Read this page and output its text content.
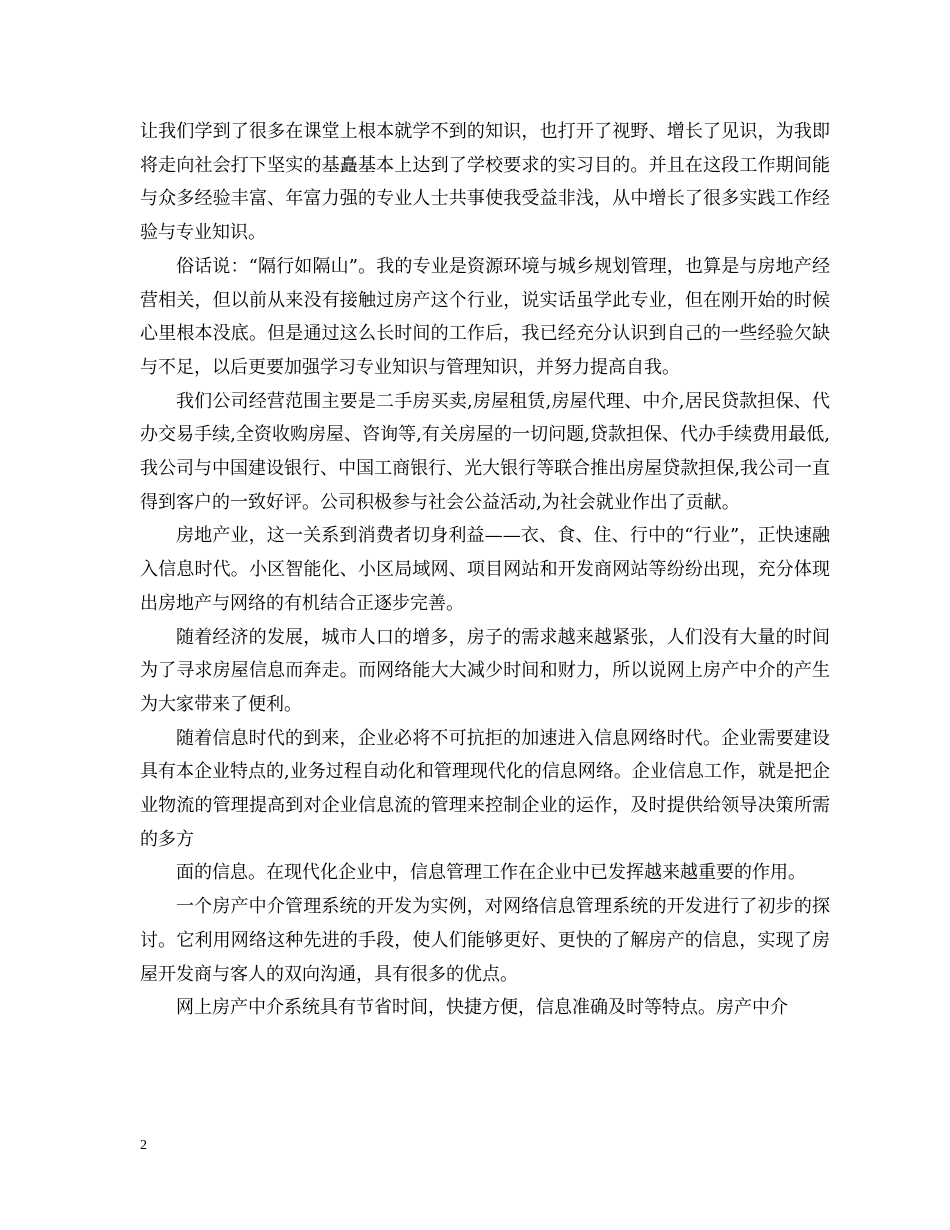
让我们学到了很多在课堂上根本就学不到的知识，也打开了视野、增长了见识，为我即将走向社会打下坚实的基矗基本上达到了学校要求的实习目的。并且在这段工作期间能与众多经验丰富、年富力强的专业人士共事使我受益非浅，从中增长了很多实践工作经验与专业知识。

俗话说：“隔行如隔山”。我的专业是资源环境与城乡规划管理，也算是与房地产经营相关，但以前从来没有接触过房产这个行业，说实话虽学此专业，但在刚开始的时候心里根本没底。但是通过这么长时间的工作后，我已经充分认识到自己的一些经验欠缺与不足，以后更要加强学习专业知识与管理知识，并努力提高自我。

我们公司经营范围主要是二手房买卖,房屋租赁,房屋代理、中介,居民贷款担保、代办交易手续,全资收购房屋、咨询等,有关房屋的一切问题,贷款担保、代办手续费用最低,我公司与中国建设银行、中国工商银行、光大银行等联合推出房屋贷款担保,我公司一直得到客户的一致好评。公司积极参与社会公益活动,为社会就业作出了贡献。

房地产业，这一关系到消费者切身利益——衣、食、住、行中的“行业”，正快速融入信息时代。小区智能化、小区局域网、项目网站和开发商网站等纷纷出现，充分体现出房地产与网络的有机结合正逐步完善。

随着经济的发展，城市人口的增多，房子的需求越来越紧张，人们没有大量的时间为了寻求房屋信息而奔走。而网络能大大减少时间和财力，所以说网上房产中介的产生为大家带来了便利。

随着信息时代的到来，企业必将不可抗拒的加速进入信息网络时代。企业需要建设具有本企业特点的,业务过程自动化和管理现代化的信息网络。企业信息工作，就是把企业物流的管理提高到对企业信息流的管理来控制企业的运作，及时提供给领导决策所需的多方

面的信息。在现代化企业中，信息管理工作在企业中已发挥越来越重要的作用。

一个房产中介管理系统的开发为实例，对网络信息管理系统的开发进行了初步的探讨。它利用网络这种先进的手段，使人们能够更好、更快的了解房产的信息，实现了房屋开发商与客人的双向沟通，具有很多的优点。

网上房产中介系统具有节省时间，快捷方便，信息准确及时等特点。房产中介

2
